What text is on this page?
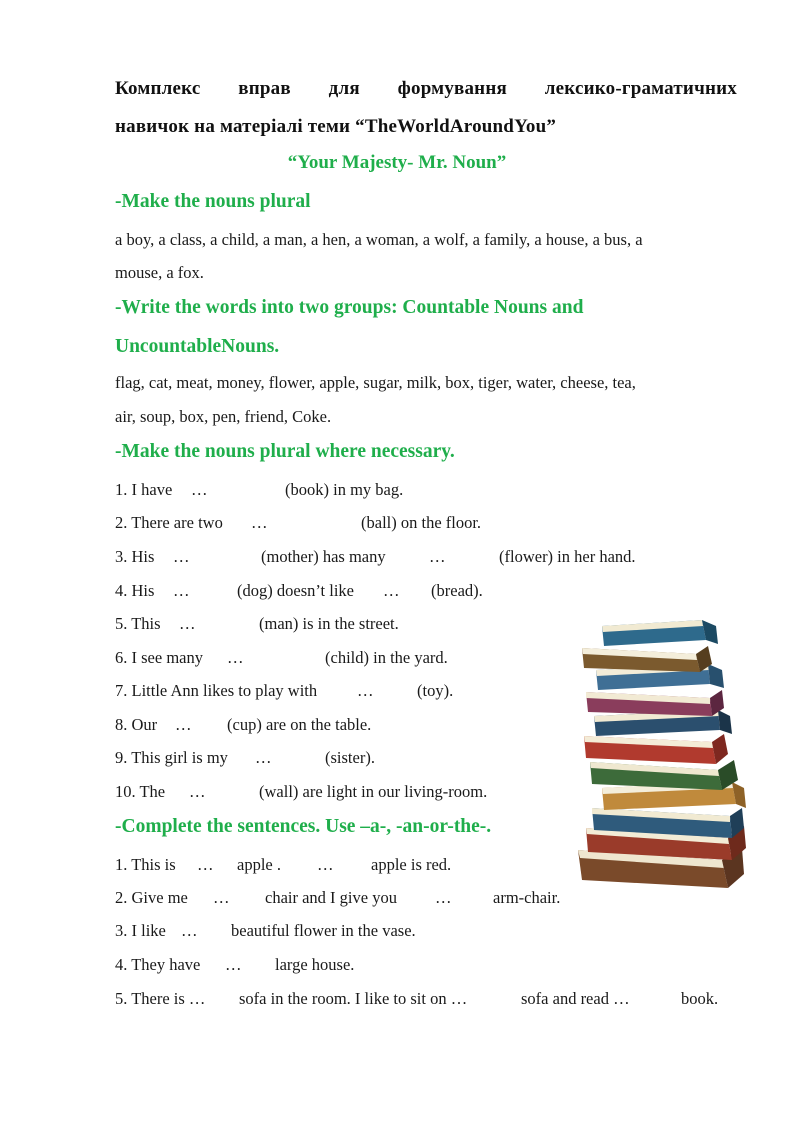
Комплекс вправ для формування лексико-граматичних
навичок на матеріалі теми “TheWorldAroundYou”
“Your Majesty- Mr. Noun”
-Make the nouns plural
a boy, a class, a child, a man, a hen, a woman, a wolf, a family, a house, a bus, a
mouse, a fox.
-Write the words into two groups: Countable Nouns and
UncountableNouns.
flag, cat, meat, money, flower, apple, sugar, milk, box, tiger, water, cheese, tea,
air, soup, box, pen, friend, Coke.
-Make the nouns plural where necessary.
1. I have …	(book) in my bag.
2. There are two …	(ball) on the floor.
3. His …	(mother) has many	…	(flower) in her hand.
4. His …	(dog) doesn’t like … (bread).
5. This …	(man) is in the street.
6. I see many …	(child) in the yard.
7. Little Ann likes to play with …	(toy).
8. Our … (cup) are on the table.
9. This girl is my …	(sister).
10. The …	(wall) are light in our living-room.
-Complete the sentences. Use –a-, -an-or-the-.
1. This is … apple . … apple is red.
2. Give me … chair and I give you …	arm-chair.
3. I like … beautiful flower in the vase.
4. They have … large house.
5. There is … sofa in the room. I like to sit on …	sofa and read …	book.
